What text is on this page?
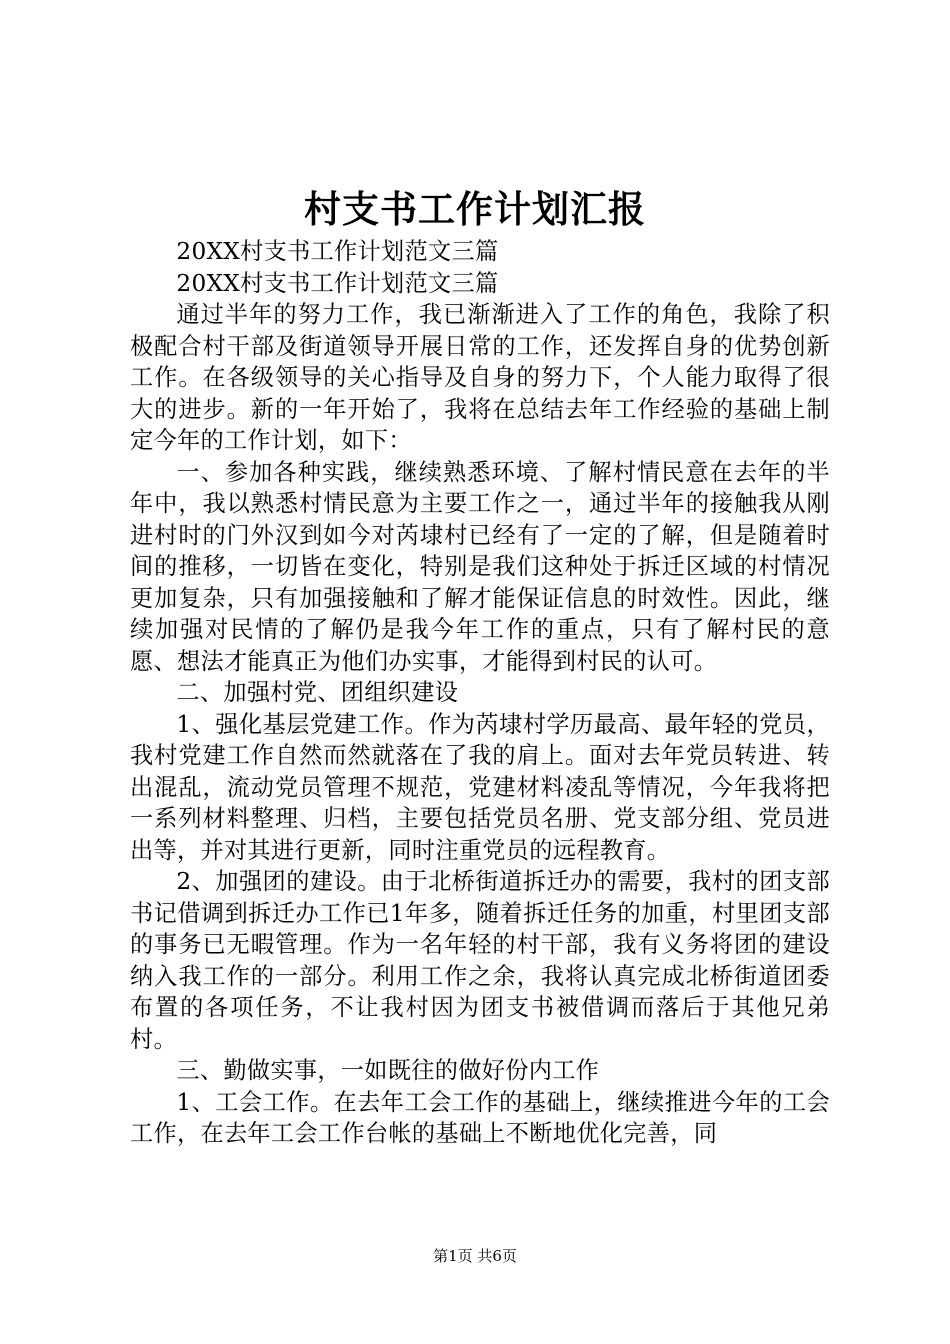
村支书工作计划汇报

20XX村支书工作计划范文三篇

20XX村支书工作计划范文三篇

通过半年的努力工作，我已渐渐进入了工作的角色，我除了积极配合村干部及街道领导开展日常的工作，还发挥自身的优势创新工作。在各级领导的关心指导及自身的努力下，个人能力取得了很大的进步。新的一年开始了，我将在总结去年工作经验的基础上制定今年的工作计划，如下：

一、参加各种实践，继续熟悉环境、了解村情民意在去年的半年中，我以熟悉村情民意为主要工作之一，通过半年的接触我从刚进村时的门外汉到如今对芮埭村已经有了一定的了解，但是随着时间的推移，一切皆在变化，特别是我们这种处于拆迁区域的村情况更加复杂，只有加强接触和了解才能保证信息的时效性。因此，继续加强对民情的了解仍是我今年工作的重点，只有了解村民的意愿、想法才能真正为他们办实事，才能得到村民的认可。

二、加强村党、团组织建设

1、强化基层党建工作。作为芮埭村学历最高、最年轻的党员，我村党建工作自然而然就落在了我的肩上。面对去年党员转进、转出混乱，流动党员管理不规范，党建材料凌乱等情况，今年我将把一系列材料整理、归档，主要包括党员名册、党支部分组、党员进出等，并对其进行更新，同时注重党员的远程教育。

2、加强团的建设。由于北桥街道拆迁办的需要，我村的团支部书记借调到拆迁办工作已1年多，随着拆迁任务的加重，村里团支部的事务已无暇管理。作为一名年轻的村干部，我有义务将团的建设纳入我工作的一部分。利用工作之余，我将认真完成北桥街道团委布置的各项任务，不让我村因为团支书被借调而落后于其他兄弟村。

三、勤做实事，一如既往的做好份内工作

1、工会工作。在去年工会工作的基础上，继续推进今年的工会工作，在去年工会工作台帐的基础上不断地优化完善，同

第1页 共6页
